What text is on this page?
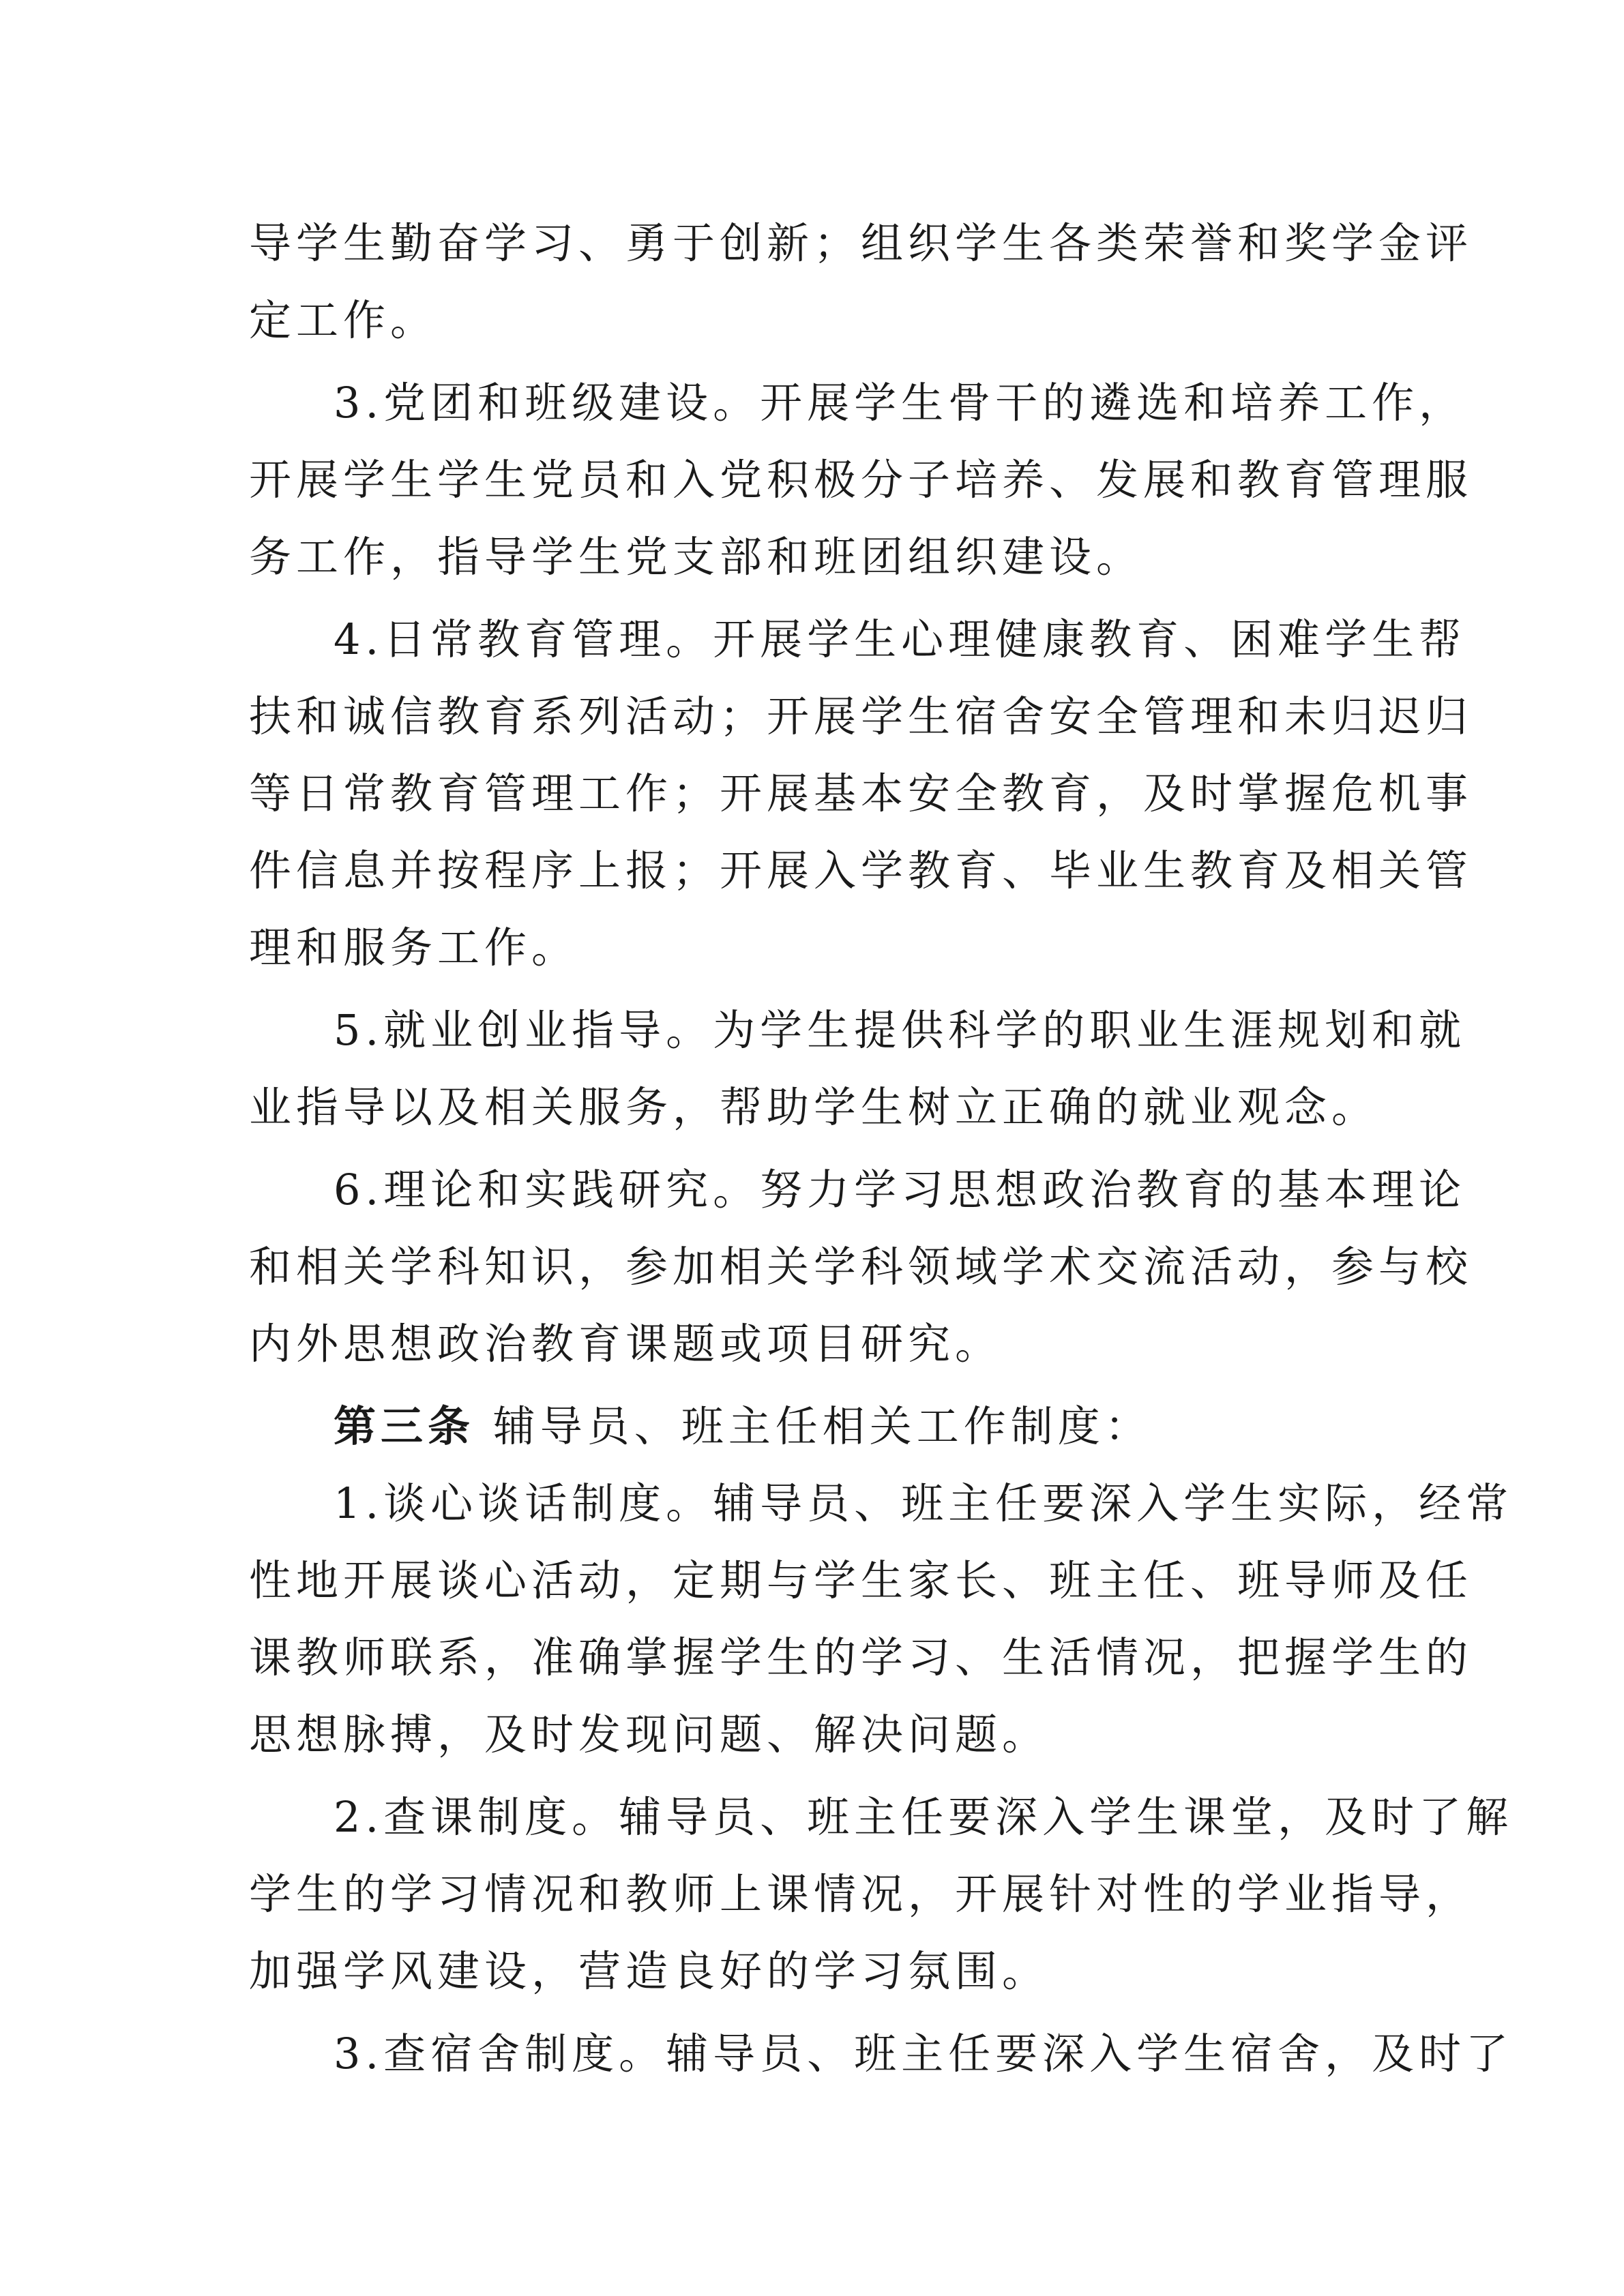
导学生勤奋学习、勇于创新；组织学生各类荣誉和奖学金评
定工作。
3.党团和班级建设。开展学生骨干的遴选和培养工作，
开展学生学生党员和入党积极分子培养、发展和教育管理服
务工作，指导学生党支部和班团组织建设。
4.日常教育管理。开展学生心理健康教育、困难学生帮
扶和诚信教育系列活动；开展学生宿舍安全管理和未归迟归
等日常教育管理工作；开展基本安全教育，及时掌握危机事
件信息并按程序上报；开展入学教育、毕业生教育及相关管
理和服务工作。
5.就业创业指导。为学生提供科学的职业生涯规划和就
业指导以及相关服务，帮助学生树立正确的就业观念。
6.理论和实践研究。努力学习思想政治教育的基本理论
和相关学科知识，参加相关学科领域学术交流活动，参与校
内外思想政治教育课题或项目研究。
第三条 辅导员、班主任相关工作制度：
1.谈心谈话制度。辅导员、班主任要深入学生实际，经常
性地开展谈心活动，定期与学生家长、班主任、班导师及任
课教师联系，准确掌握学生的学习、生活情况，把握学生的
思想脉搏，及时发现问题、解决问题。
2.查课制度。辅导员、班主任要深入学生课堂，及时了解
学生的学习情况和教师上课情况，开展针对性的学业指导，
加强学风建设，营造良好的学习氛围。
3.查宿舍制度。辅导员、班主任要深入学生宿舍，及时了
